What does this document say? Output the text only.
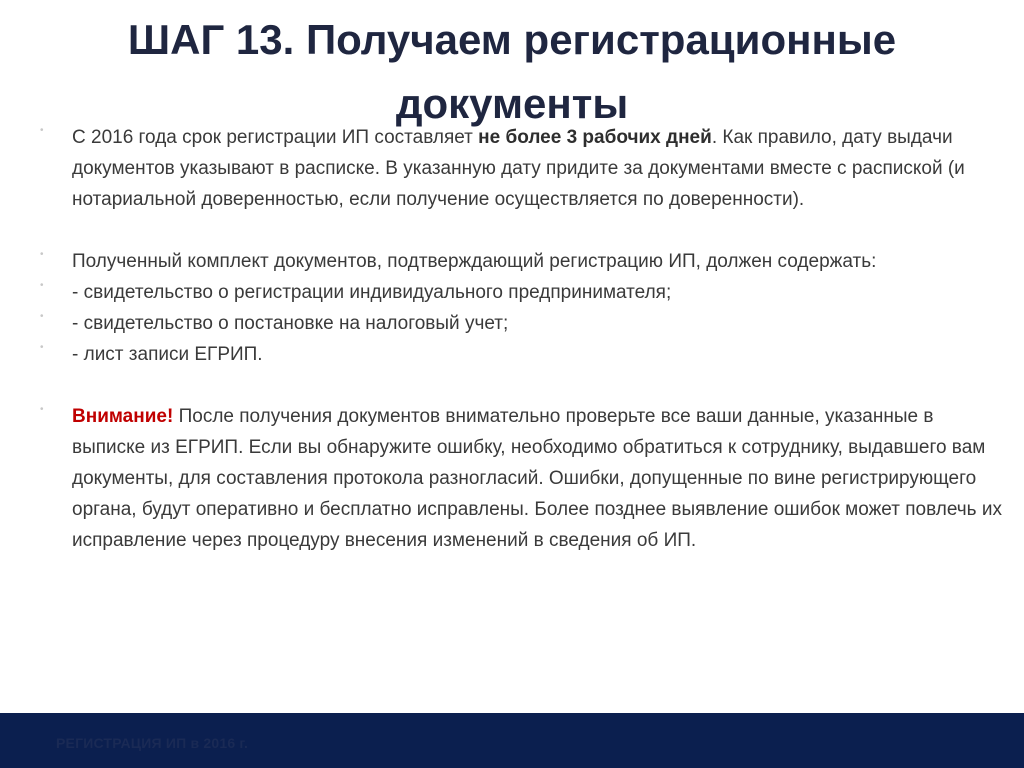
ШАГ 13. Получаем регистрационные
документы

•	С 2016 года срок регистрации ИП составляет не более 3 рабочих дней. Как правило, дату выдачи документов указывают в расписке. В указанную дату придите за документами вместе с распиской (и нотариальной доверенностью, если получение осуществляется по доверенности).

•	Полученный комплект документов, подтверждающий регистрацию ИП, должен содержать:

•	- свидетельство о регистрации индивидуального предпринимателя;

•	- свидетельство о постановке на налоговый учет;

•	- лист записи ЕГРИП.

•	Внимание! После получения документов внимательно проверьте все ваши данные, указанные в выписке из ЕГРИП. Если вы обнаружите ошибку, необходимо обратиться к сотруднику, выдавшего вам документы, для составления протокола разногласий. Ошибки, допущенные по вине регистрирующего органа, будут оперативно и бесплатно исправлены. Более позднее выявление ошибок может повлечь их исправление через процедуру внесения изменений в сведения об ИП.

РЕГИСТРАЦИЯ ИП в 2016 г.
